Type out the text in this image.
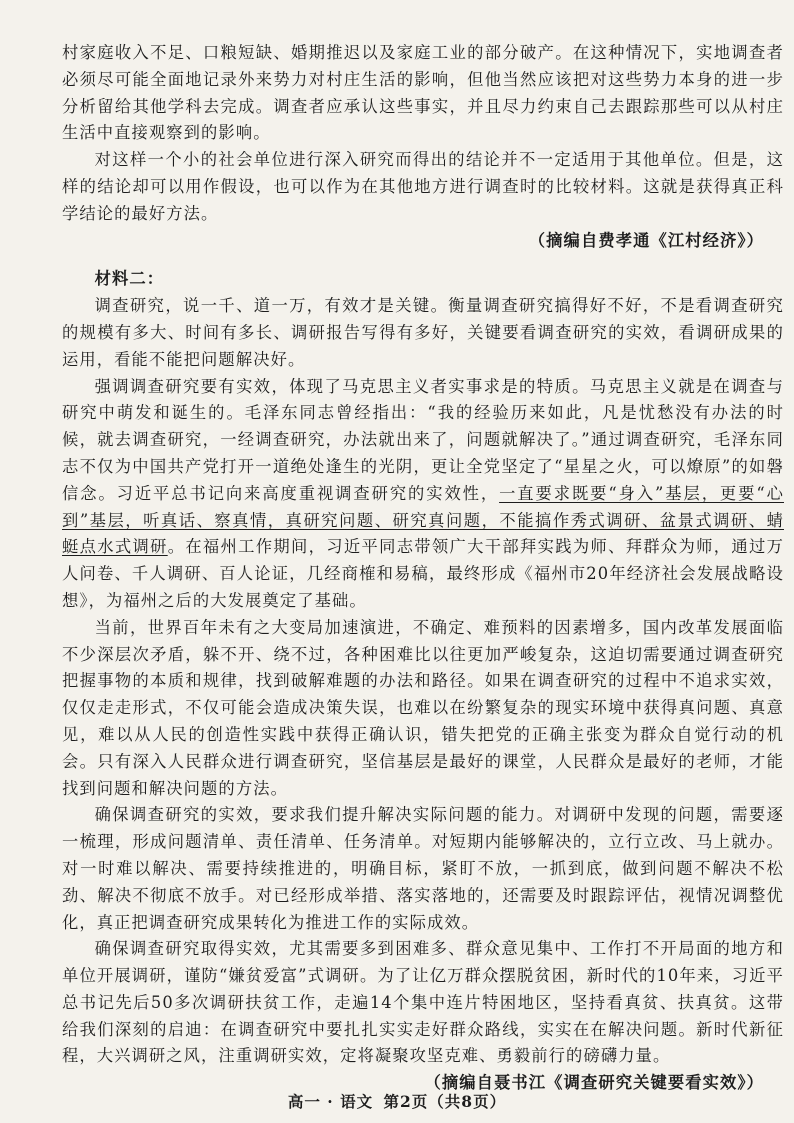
村家庭收入不足、口粮短缺、婚期推迟以及家庭工业的部分破产。在这种情况下，实地调查者必须尽可能全面地记录外来势力对村庄生活的影响，但他当然应该把对这些势力本身的进一步分析留给其他学科去完成。调查者应承认这些事实，并且尽力约束自己去跟踪那些可以从村庄生活中直接观察到的影响。

对这样一个小的社会单位进行深入研究而得出的结论并不一定适用于其他单位。但是，这样的结论却可以用作假设，也可以作为在其他地方进行调查时的比较材料。这就是获得真正科学结论的最好方法。

（摘编自费孝通《江村经济》）

材料二：

调查研究，说一千、道一万，有效才是关键。衡量调查研究搞得好不好，不是看调查研究的规模有多大、时间有多长、调研报告写得有多好，关键要看调查研究的实效，看调研成果的运用，看能不能把问题解决好。

强调调查研究要有实效，体现了马克思主义者实事求是的特质。马克思主义就是在调查与研究中萌发和诞生的。毛泽东同志曾经指出：“我的经验历来如此，凡是忧愁没有办法的时候，就去调查研究，一经调查研究，办法就出来了，问题就解决了。”通过调查研究，毛泽东同志不仅为中国共产党打开一道绝处逢生的光阴，更让全党坚定了“星星之火，可以燎原”的如磐信念。习近平总书记向来高度重视调查研究的实效性，一直要求既要“身入”基层，更要“心到”基层，听真话、察真情，真研究问题、研究真问题，不能搞作秀式调研、盆景式调研、蜻蜓点水式调研。在福州工作期间，习近平同志带领广大干部拜实践为师、拜群众为师，通过万人问卷、千人调研、百人论证，几经商榷和易稿，最终形成《福州市20年经济社会发展战略设想》，为福州之后的大发展奠定了基础。

当前，世界百年未有之大变局加速演进，不确定、难预料的因素增多，国内改革发展面临不少深层次矛盾，躲不开、绕不过，各种困难比以往更加严峻复杂，这迫切需要通过调查研究把握事物的本质和规律，找到破解难题的办法和路径。如果在调查研究的过程中不追求实效，仅仅走走形式，不仅可能会造成决策失误，也难以在纷繁复杂的现实环境中获得真问题、真意见，难以从人民的创造性实践中获得正确认识，错失把党的正确主张变为群众自觉行动的机会。只有深入人民群众进行调查研究，坚信基层是最好的课堂，人民群众是最好的老师，才能找到问题和解决问题的方法。

确保调查研究的实效，要求我们提升解决实际问题的能力。对调研中发现的问题，需要逐一梳理，形成问题清单、责任清单、任务清单。对短期内能够解决的，立行立改、马上就办。对一时难以解决、需要持续推进的，明确目标，紧盯不放，一抓到底，做到问题不解决不松劲、解决不彻底不放手。对已经形成举措、落实落地的，还需要及时跟踪评估，视情况调整优化，真正把调查研究成果转化为推进工作的实际成效。

确保调查研究取得实效，尤其需要多到困难多、群众意见集中、工作打不开局面的地方和单位开展调研，谨防“嫌贫爱富”式调研。为了让亿万群众摆脱贫困，新时代的10年来，习近平总书记先后50多次调研扶贫工作，走遍14个集中连片特困地区，坚持看真贫、扶真贫。这带给我们深刻的启迪：在调查研究中要扎扎实实走好群众路线，实实在在解决问题。新时代新征程，大兴调研之风，注重调研实效，定将凝聚攻坚克难、勇毅前行的磅礴力量。

（摘编自聂书江《调查研究关键要看实效》）

高一 · 语文 第2页（共8页）
